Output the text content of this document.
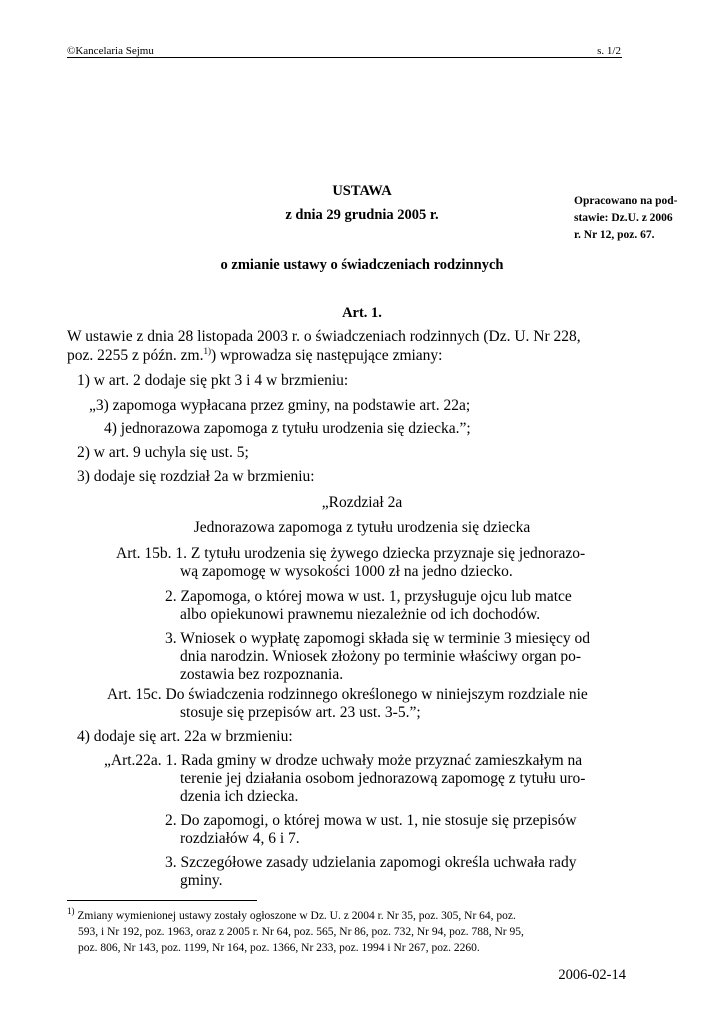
©Kancelaria Sejmu	s. 1/2
USTAWA
z dnia 29 grudnia 2005 r.
o zmianie ustawy o świadczeniach rodzinnych
Opracowano na pod-
stawie: Dz.U. z 2006
r. Nr 12, poz. 67.
Art. 1.
W ustawie z dnia 28 listopada 2003 r. o świadczeniach rodzinnych (Dz. U. Nr 228,
poz. 2255 z późn. zm.$^{1)}$) wprowadza się następujące zmiany:
1) w art. 2 dodaje się pkt 3 i 4 w brzmieniu:
„3) zapomoga wypłacana przez gminy, na podstawie art. 22a;
4) jednorazowa zapomoga z tytułu urodzenia się dziecka.”;
2) w art. 9 uchyla się ust. 5;
3) dodaje się rozdział 2a w brzmieniu:
„Rozdział 2a
Jednorazowa zapomoga z tytułu urodzenia się dziecka
Art. 15b. 1. Z tytułu urodzenia się żywego dziecka przyznaje się jednorazo-
wą zapomogę w wysokości 1000 zł na jedno dziecko.
2. Zapomoga, o której mowa w ust. 1, przysługuje ojcu lub matce
albo opiekunowi prawnemu niezależnie od ich dochodów.
3. Wniosek o wypłatę zapomogi składa się w terminie 3 miesięcy od
dnia narodzin. Wniosek złożony po terminie właściwy organ po-
zostawia bez rozpoznania.
Art. 15c. Do świadczenia rodzinnego określonego w niniejszym rozdziale nie
stosuje się przepisów art. 23 ust. 3-5.”;
4) dodaje się art. 22a w brzmieniu:
„Art.22a. 1. Rada gminy w drodze uchwały może przyznać zamieszkałym na
terenie jej działania osobom jednorazową zapomogę z tytułu uro-
dzenia ich dziecka.
2. Do zapomogi, o której mowa w ust. 1, nie stosuje się przepisów
rozdziałów 4, 6 i 7.
3. Szczegółowe zasady udzielania zapomogi określa uchwała rady
gminy.
$^{1)}$ Zmiany wymienionej ustawy zostały ogłoszone w Dz. U. z 2004 r. Nr 35, poz. 305, Nr 64, poz.
593, i Nr 192, poz. 1963, oraz z 2005 r. Nr 64, poz. 565, Nr 86, poz. 732, Nr 94, poz. 788, Nr 95,
poz. 806, Nr 143, poz. 1199, Nr 164, poz. 1366, Nr 233, poz. 1994 i Nr 267, poz. 2260.
2006-02-14
